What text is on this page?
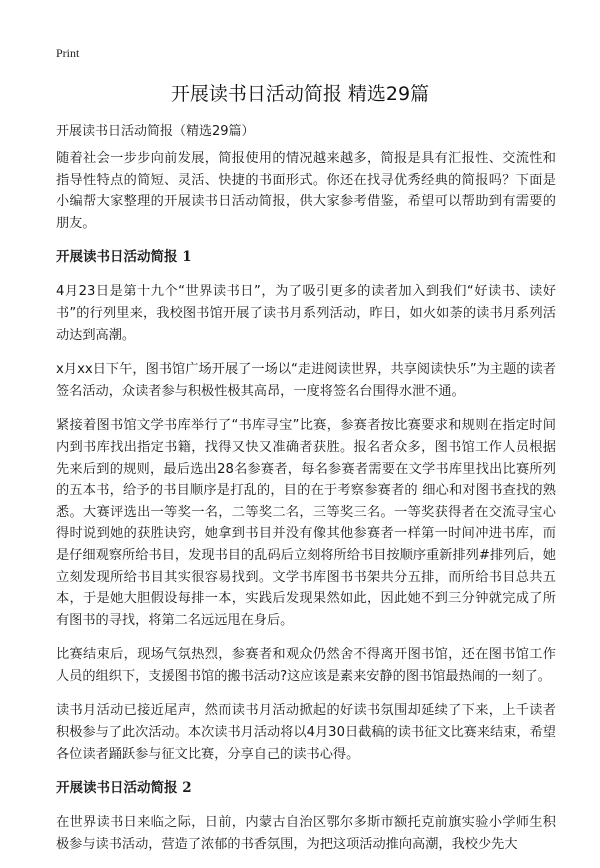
Print
开展读书日活动简报 精选29篇

开展读书日活动简报（精选29篇）

随着社会一步步向前发展，简报使用的情况越来越多，简报是具有汇报性、交流性和指导性特点的简短、灵活、快捷的书面形式。你还在找寻优秀经典的简报吗？下面是小编帮大家整理的开展读书日活动简报，供大家参考借鉴，希望可以帮助到有需要的朋友。

开展读书日活动简报 1

4月23日是第十九个“世界读书日”，为了吸引更多的读者加入到我们“好读书、读好书”的行列里来，我校图书馆开展了读书月系列活动，昨日，如火如荼的读书月系列活动达到高潮。

x月xx日下午，图书馆广场开展了一场以“走进阅读世界，共享阅读快乐”为主题的读者签名活动，众读者参与积极性极其高昂，一度将签名台围得水泄不通。

紧接着图书馆文学书库举行了“书库寻宝”比赛，参赛者按比赛要求和规则在指定时间内到书库找出指定书籍，找得又快又准确者获胜。报名者众多，图书馆工作人员根据先来后到的规则，最后选出28名参赛者，每名参赛者需要在文学书库里找出比赛所列的五本书，给予的书目顺序是打乱的，目的在于考察参赛者的 细心和对图书查找的熟悉。大赛评选出一等奖一名，二等奖二名，三等奖三名。一等奖获得者在交流寻宝心得时说到她的获胜诀窍，她拿到书目并没有像其他参赛者一样第一时间冲进书库，而是仔细观察所给书目，发现书目的乱码后立刻将所给书目按顺序重新排列#排列后，她立刻发现所给书目其实很容易找到。文学书库图书书架共分五排，而所给书目总共五本，于是她大胆假设每排一本，实践后发现果然如此，因此她不到三分钟就完成了所有图书的寻找，将第二名远远甩在身后。

比赛结束后，现场气氛热烈，参赛者和观众仍然舍不得离开图书馆，还在图书馆工作人员的组织下，支援图书馆的搬书活动?这应该是素来安静的图书馆最热闹的一刻了。

读书月活动已接近尾声，然而读书月活动掀起的好读书氛围却延续了下来，上千读者积极参与了此次活动。本次读书月活动将以4月30日截稿的读书征文比赛来结束，希望各位读者踊跃参与征文比赛，分享自己的读书心得。

开展读书日活动简报 2

在世界读书日来临之际，日前，内蒙古自治区鄂尔多斯市额托克前旗实验小学师生积极参与读书活动，营造了浓郁的书香氛围，为把这项活动推向高潮，我校少先大
